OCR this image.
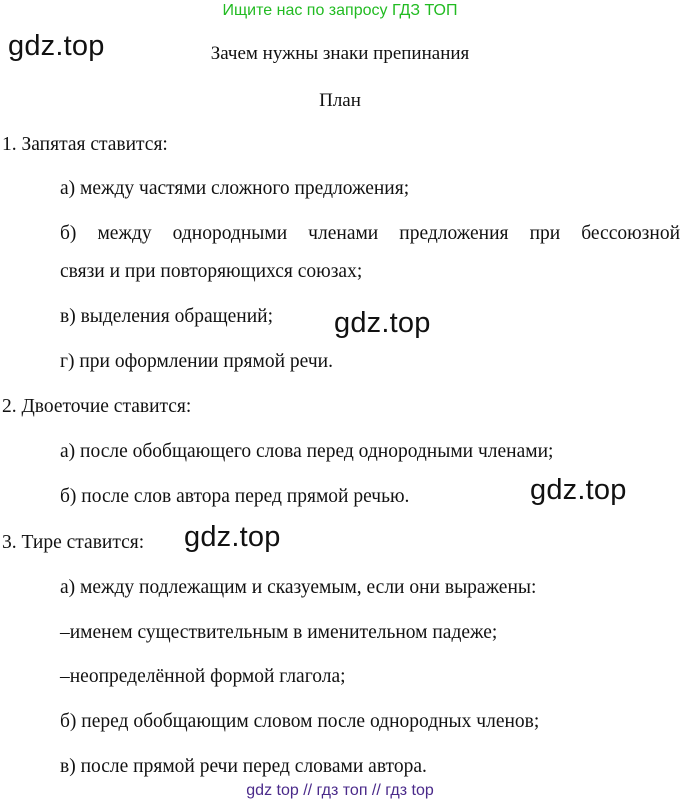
Ищите нас по запросу ГДЗ ТОП
gdz.top	Зачем нужны знаки препинания
План
1. Запятая ставится:
а) между частями сложного предложения;
б) между однородными членами предложения при бессоюзной
связи и при повторяющихся союзах;
в) выделения обращений; gdz.top
г) при оформлении прямой речи.
2. Двоеточие ставится:
а) после обобщающего слова перед однородными членами;
б) после слов автора перед прямой речью.	gdz.top
3. Тире ставится: gdz.top
а) между подлежащим и сказуемым, если они выражены:
–именем существительным в именительном падеже;
–неопределённой формой глагола;
б) перед обобщающим словом после однородных членов;
в) после прямой речи перед словами автора.
gdz top // гдз топ // гдз top
